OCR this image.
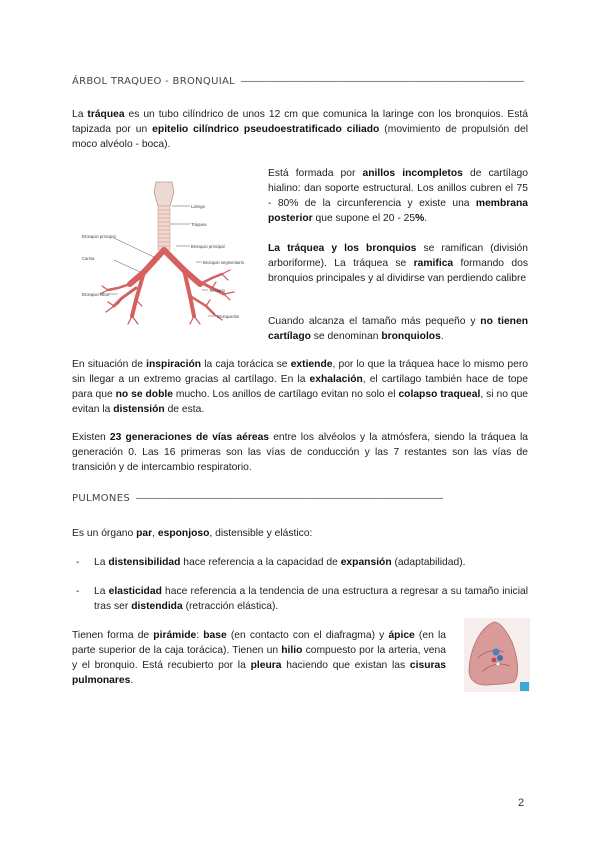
ÁRBOL TRAQUEO - BRONQUIAL ———————————————————————————————————————————————

La tráquea es un tubo cilíndrico de unos 12 cm que comunica la laringe con los bronquios. Está tapizada por un epitelio cilíndrico pseudoestratificado ciliado (movimiento de propulsión del moco alvéolo - boca).

Laringe
Tráquea
Bronquio principal
Bronquio segmentario
Bronquio principal
Carina
Bronquio lobar
Terciario
Bronquiolos

Está formada por anillos incompletos de cartílago hialino: dan soporte estructural. Los anillos cubren el 75 - 80% de la circunferencia y existe una membrana posterior que supone el 20 - 25%.

La tráquea y los bronquios se ramifican (división arboriforme). La tráquea se ramifica formando dos bronquios principales y al dividirse van perdiendo calibre

Cuando alcanza el tamaño más pequeño y no tienen cartílago se denominan bronquiolos.

En situación de inspiración la caja torácica se extiende, por lo que la tráquea hace lo mismo pero sin llegar a un extremo gracias al cartílago. En la exhalación, el cartílago también hace de tope para que no se doble mucho. Los anillos de cartílago evitan no solo el colapso traqueal, si no que evitan la distensión de esta.

Existen 23 generaciones de vías aéreas entre los alvéolos y la atmósfera, siendo la tráquea la generación 0. Las 16 primeras son las vías de conducción y las 7 restantes son las vías de transición y de intercambio respiratorio.

PULMONES ———————————————————————————————————————————————————

Es un órgano par, esponjoso, distensible y elástico:

- La distensibilidad hace referencia a la capacidad de expansión (adaptabilidad).
- La elasticidad hace referencia a la tendencia de una estructura a regresar a su tamaño inicial tras ser distendida (retracción elástica).

Tienen forma de pirámide: base (en contacto con el diafragma) y ápice (en la parte superior de la caja torácica). Tienen un hilio compuesto por la arteria, vena y el bronquio. Está recubierto por la pleura haciendo que existan las cisuras pulmonares.

2
